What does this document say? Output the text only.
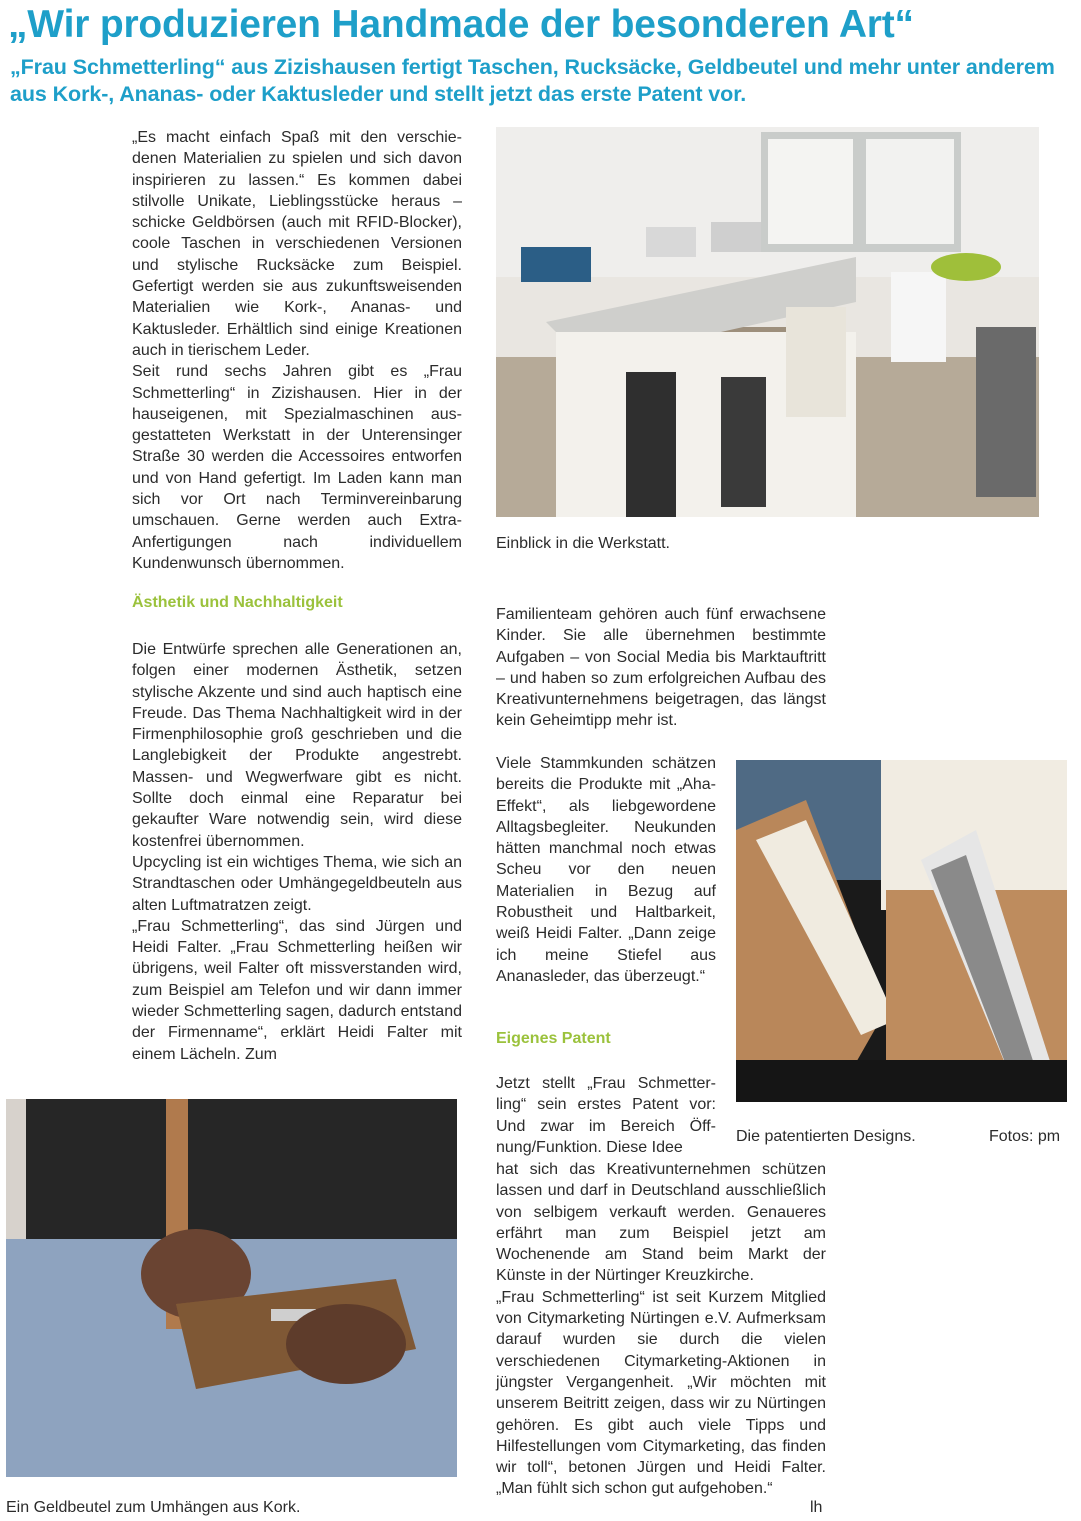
„Wir produzieren Handmade der besonderen Art“

„Frau Schmetterling“ aus Zizishausen fertigt Taschen, Rucksäcke, Geldbeutel und mehr unter anderem aus Kork-, Ananas- oder Kaktusleder und stellt jetzt das erste Patent vor.

„Es macht einfach Spaß mit den verschiedenen Materialien zu spielen und sich davon inspirieren zu lassen.“ Es kommen dabei stilvolle Unikate, Lieblingsstücke heraus – schicke Geldbörsen (auch mit RFID-Blocker), coole Taschen in verschiedenen Versionen und stylische Rucksäcke zum Beispiel. Gefertigt werden sie aus zukunftsweisenden Materialien wie Kork-, Ananas- und Kaktusleder. Erhältlich sind einige Kreationen auch in tierischem Leder.

Seit rund sechs Jahren gibt es „Frau Schmetterling“ in Zizishausen. Hier in der hauseigenen, mit Spezialmaschinen ausgestatteten Werkstatt in der Unterensinger Straße 30 werden die Accessoires entworfen und von Hand gefertigt. Im Laden kann man sich vor Ort nach Terminvereinbarung umschauen. Gerne werden auch Extra-Anfertigungen nach individuellem Kundenwunsch übernommen.

Ästhetik und Nachhaltigkeit

Die Entwürfe sprechen alle Generationen an, folgen einer modernen Ästhetik, setzen stylische Akzente und sind auch haptisch eine Freude. Das Thema Nachhaltigkeit wird in der Firmenphilosophie groß geschrieben und die Langlebigkeit der Produkte angestrebt. Massen- und Wegwerfware gibt es nicht. Sollte doch einmal eine Reparatur bei gekaufter Ware notwendig sein, wird diese kostenfrei übernommen.

Upcycling ist ein wichtiges Thema, wie sich an Strandtaschen oder Umhängegeldbeuteln aus alten Luftmatratzen zeigt.

„Frau Schmetterling“, das sind Jürgen und Heidi Falter. „Frau Schmetterling heißen wir übrigens, weil Falter oft missverstanden wird, zum Beispiel am Telefon und wir dann immer wieder Schmetterling sagen, dadurch entstand der Firmenname“, erklärt Heidi Falter mit einem Lächeln. Zum

Einblick in die Werkstatt.

Familienteam gehören auch fünf erwachsene Kinder. Sie alle übernehmen bestimmte Aufgaben – von Social Media bis Marktauftritt – und haben so zum erfolgreichen Aufbau des Kreativunternehmens beigetragen, das längst kein Geheimtipp mehr ist.

Viele Stammkunden schätzen bereits die Produkte mit „Aha-Effekt“, als liebgewordene Alltagsbegleiter. Neukunden hätten manchmal noch etwas Scheu vor den neuen Materialien in Bezug auf Robustheit und Haltbarkeit, weiß Heidi Falter. „Dann zeige ich meine Stiefel aus Ananasleder, das überzeugt.“

Eigenes Patent

Jetzt stellt „Frau Schmetterling“ sein erstes Patent vor: Und zwar im Bereich Öffnung/Funktion. Diese Idee

hat sich das Kreativunternehmen schützen lassen und darf in Deutschland ausschließlich von selbigem verkauft werden. Genaueres erfährt man zum Beispiel jetzt am Wochenende am Stand beim Markt der Künste in der Nürtinger Kreuzkirche.

„Frau Schmetterling“ ist seit Kurzem Mitglied von Citymarketing Nürtingen e.V. Aufmerksam darauf wurden sie durch die vielen verschiedenen Citymarketing-Aktionen in jüngster Vergangenheit. „Wir möchten mit unserem Beitritt zeigen, dass wir zu Nürtingen gehören. Es gibt auch viele Tipps und Hilfestellungen vom Citymarketing, das finden wir toll“, betonen Jürgen und Heidi Falter. „Man fühlt sich schon gut aufgehoben.“

lh
Die patentierten Designs.	Fotos: pm
Ein Geldbeutel zum Umhängen aus Kork.
